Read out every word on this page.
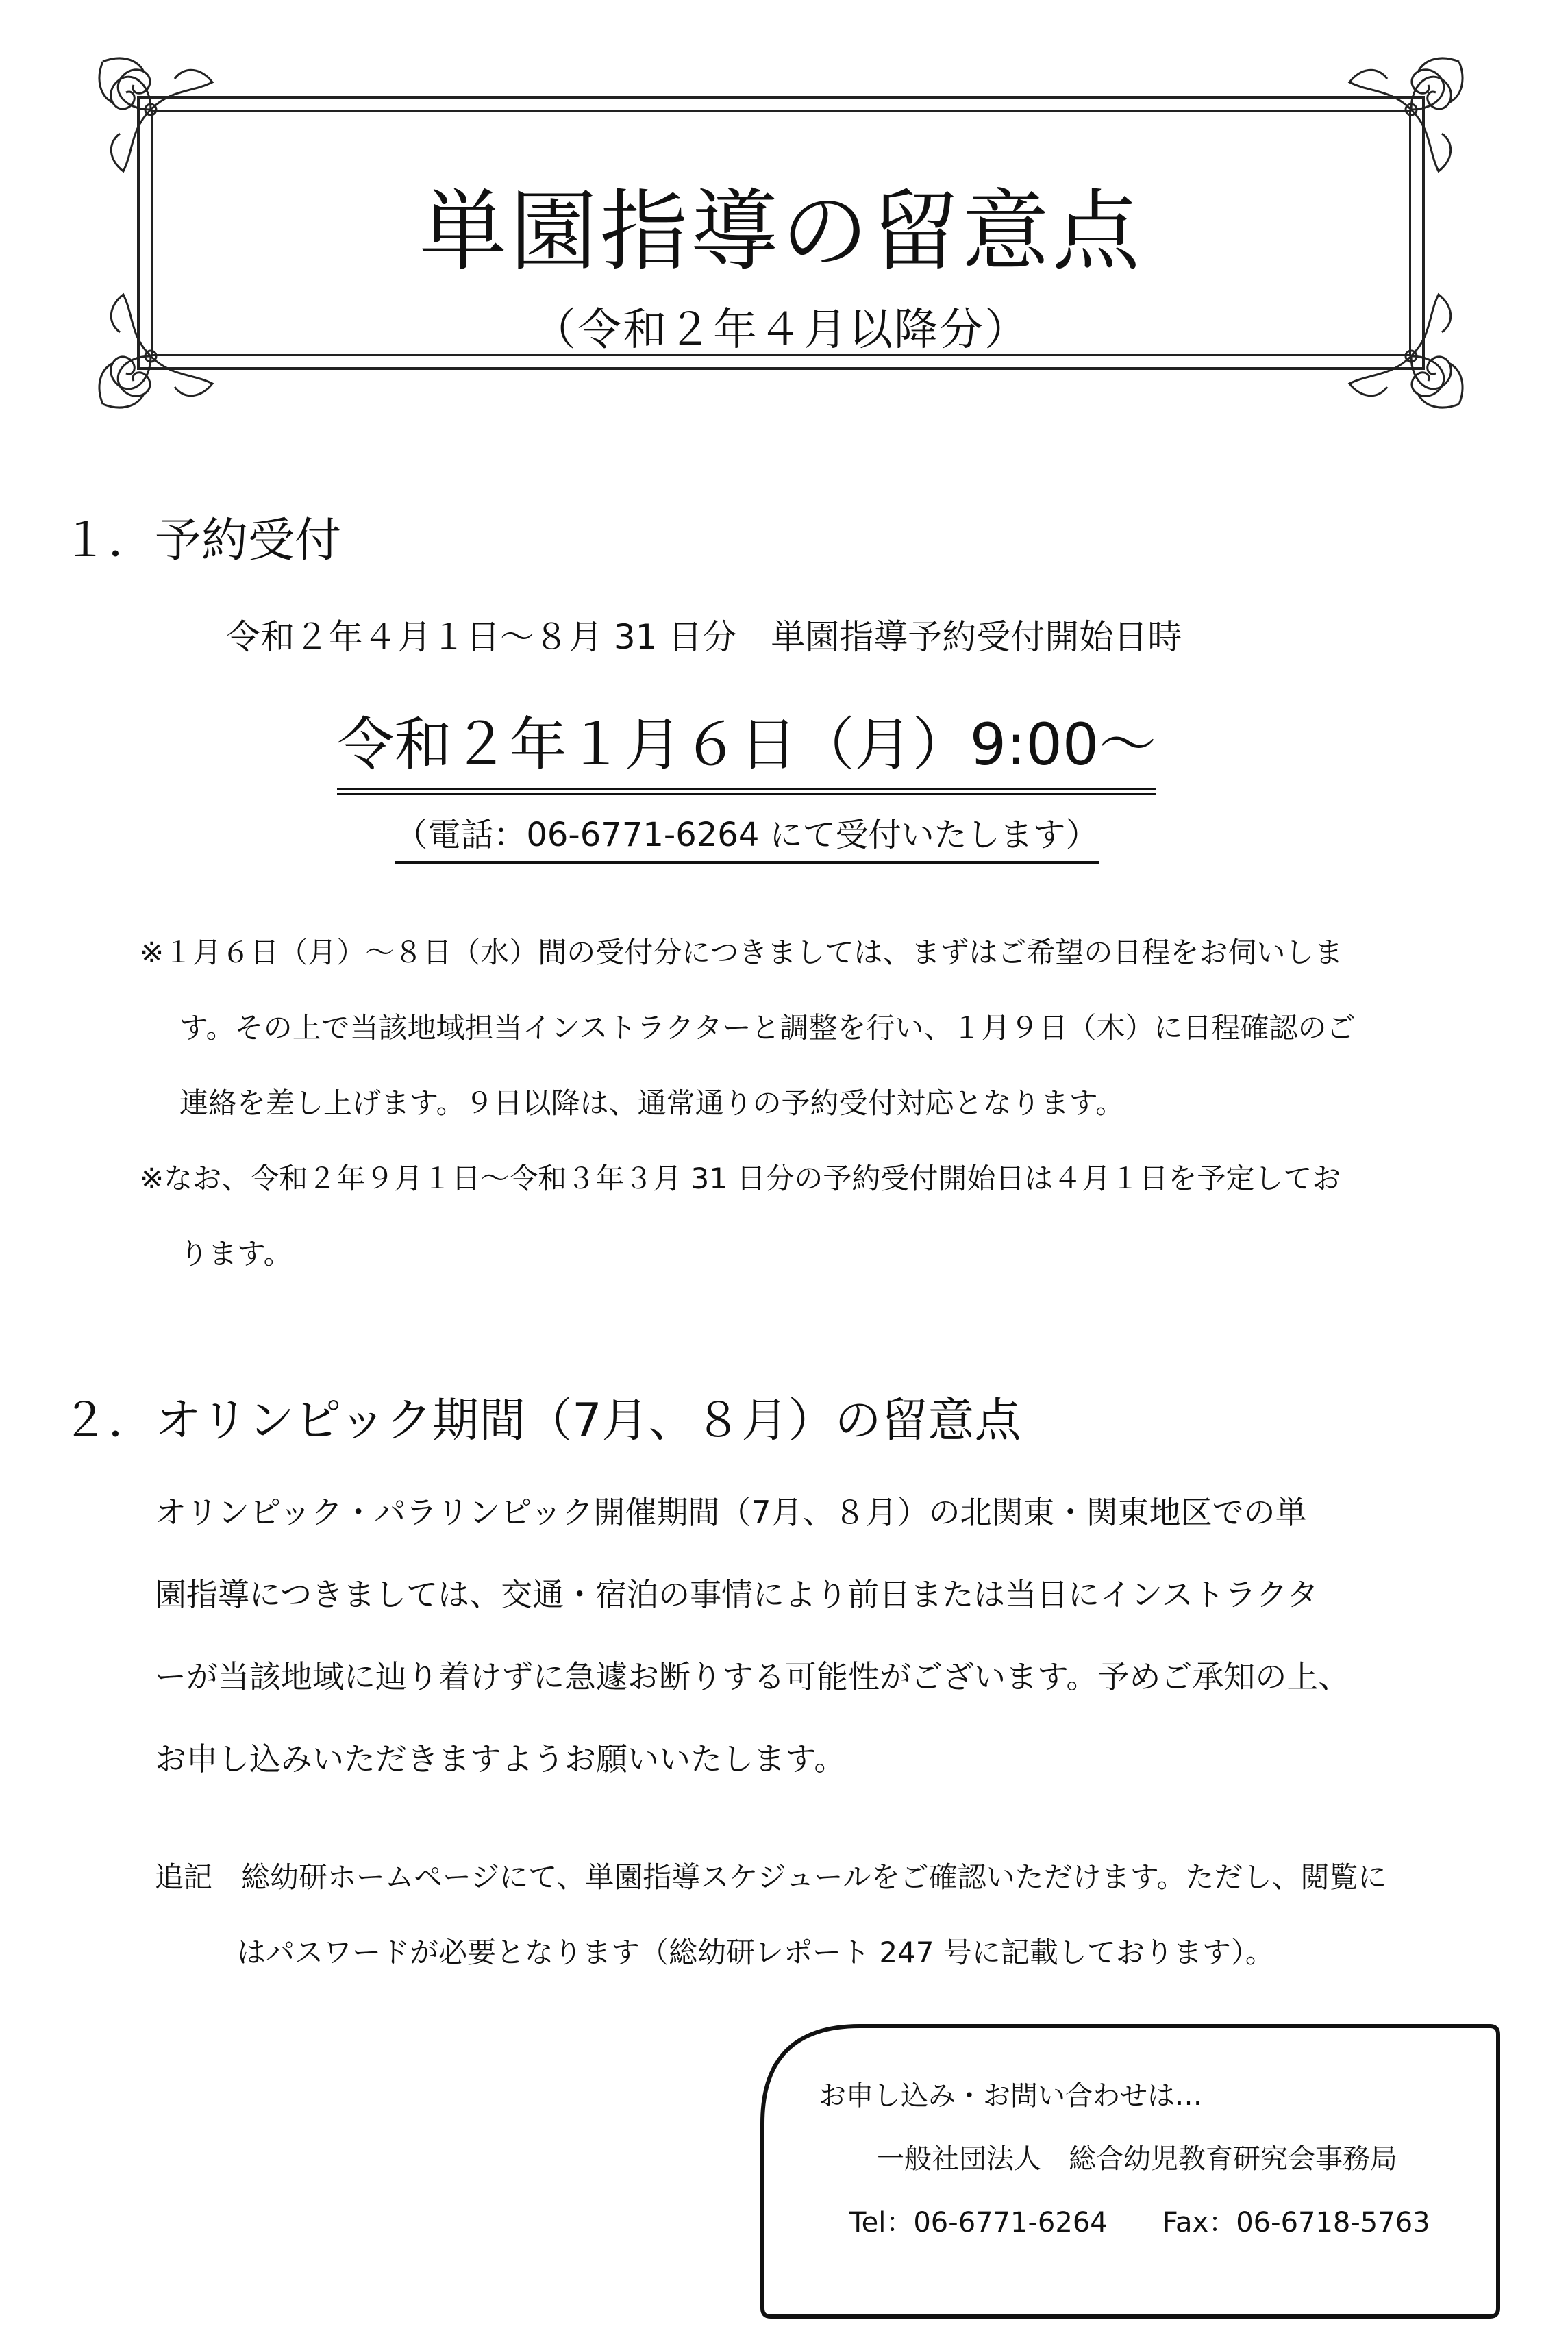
単園指導の留意点
（令和２年４月以降分）
１．予約受付
令和２年４月１日～８月 31 日分　単園指導予約受付開始日時
令和２年１月６日（月）9:00～
（電話：06-6771-6264 にて受付いたします）
※１月６日（月）～８日（水）間の受付分につきましては、まずはご希望の日程をお伺いしま
す。その上で当該地域担当インストラクターと調整を行い、１月９日（木）に日程確認のご
連絡を差し上げます。９日以降は、通常通りの予約受付対応となります。
※なお、令和２年９月１日～令和３年３月 31 日分の予約受付開始日は４月１日を予定してお
ります。
２．オリンピック期間（7月、８月）の留意点
オリンピック・パラリンピック開催期間（7月、８月）の北関東・関東地区での単
園指導につきましては、交通・宿泊の事情により前日または当日にインストラクタ
ーが当該地域に辿り着けずに急遽お断りする可能性がございます。予めご承知の上、
お申し込みいただきますようお願いいたします。
追記　総幼研ホームページにて、単園指導スケジュールをご確認いただけます。ただし、閲覧に
はパスワードが必要となります（総幼研レポート 247 号に記載しております）。
お申し込み・お問い合わせは…
一般社団法人　総合幼児教育研究会事務局
Tel：06-6771-6264　　Fax：06-6718-5763
